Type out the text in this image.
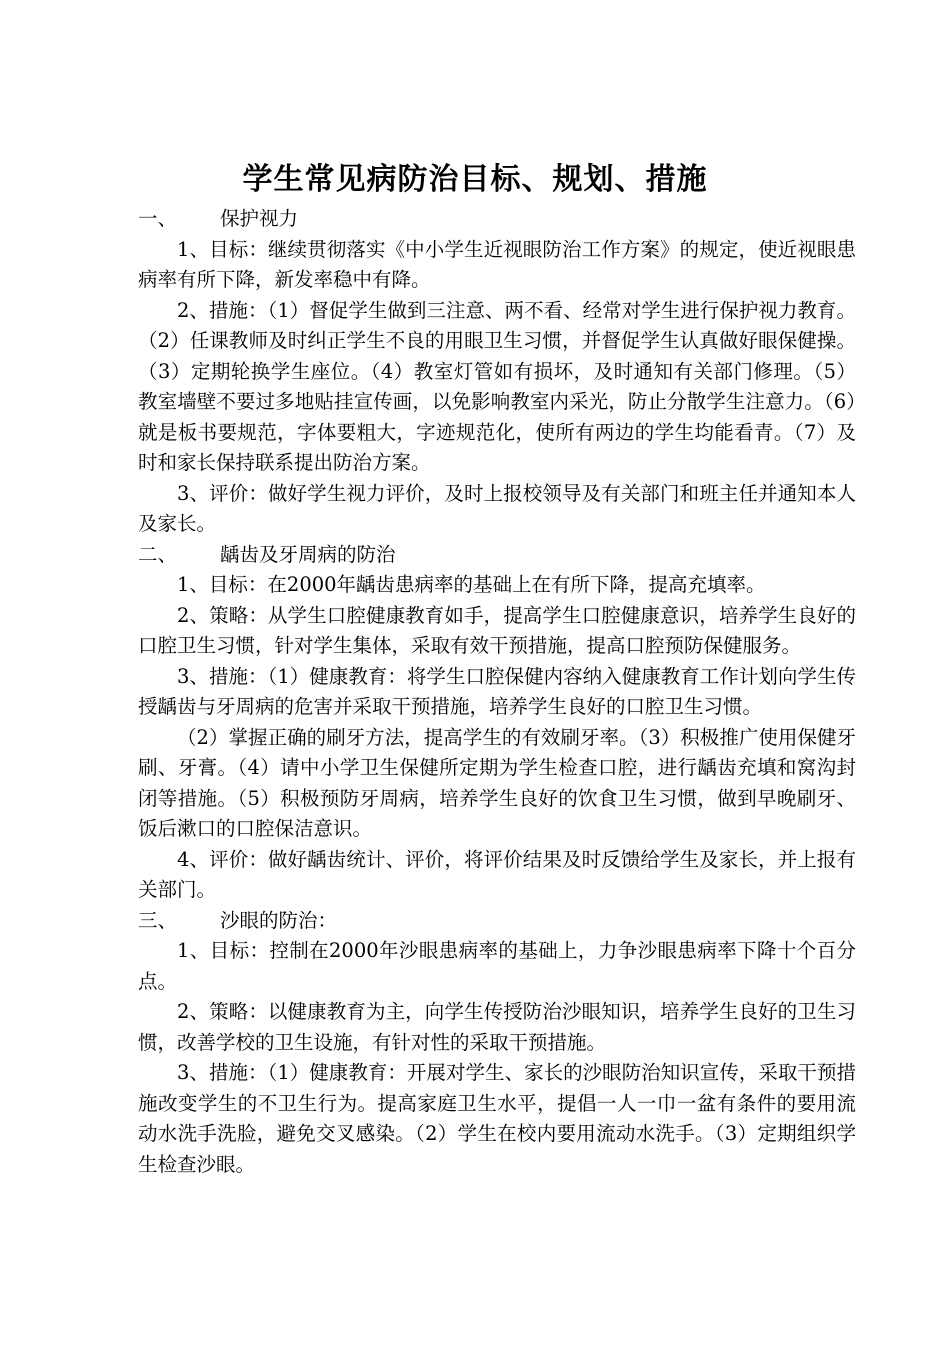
学生常见病防治目标、规划、措施
一、 保护视力

1、目标：继续贯彻落实《中小学生近视眼防治工作方案》的规定，使近视眼患病率有所下降，新发率稳中有降。

2、措施：（1）督促学生做到三注意、两不看、经常对学生进行保护视力教育。（2）任课教师及时纠正学生不良的用眼卫生习惯，并督促学生认真做好眼保健操。（3）定期轮换学生座位。（4）教室灯管如有损坏，及时通知有关部门修理。（5）教室墙壁不要过多地贴挂宣传画，以免影响教室内采光，防止分散学生注意力。（6）就是板书要规范，字体要粗大，字迹规范化，使所有两边的学生均能看青。（7）及时和家长保持联系提出防治方案。

3、评价：做好学生视力评价，及时上报校领导及有关部门和班主任并通知本人及家长。

二、 龋齿及牙周病的防治

1、目标：在2000年龋齿患病率的基础上在有所下降，提高充填率。

2、策略：从学生口腔健康教育如手，提高学生口腔健康意识，培养学生良好的口腔卫生习惯，针对学生集体，采取有效干预措施，提高口腔预防保健服务。

3、措施：（1）健康教育：将学生口腔保健内容纳入健康教育工作计划向学生传授龋齿与牙周病的危害并采取干预措施，培养学生良好的口腔卫生习惯。

（2）掌握正确的刷牙方法，提高学生的有效刷牙率。（3）积极推广使用保健牙刷、牙膏。（4）请中小学卫生保健所定期为学生检查口腔，进行龋齿充填和窝沟封闭等措施。（5）积极预防牙周病，培养学生良好的饮食卫生习惯，做到早晚刷牙、饭后漱口的口腔保洁意识。

4、评价：做好龋齿统计、评价，将评价结果及时反馈给学生及家长，并上报有关部门。

三、 沙眼的防治：

1、目标：控制在2000年沙眼患病率的基础上，力争沙眼患病率下降十个百分点。

2、策略：以健康教育为主，向学生传授防治沙眼知识，培养学生良好的卫生习惯，改善学校的卫生设施，有针对性的采取干预措施。

3、措施：（1）健康教育：开展对学生、家长的沙眼防治知识宣传，采取干预措施改变学生的不卫生行为。提高家庭卫生水平，提倡一人一巾一盆有条件的要用流动水洗手洗脸，避免交叉感染。（2）学生在校内要用流动水洗手。（3）定期组织学生检查沙眼。
